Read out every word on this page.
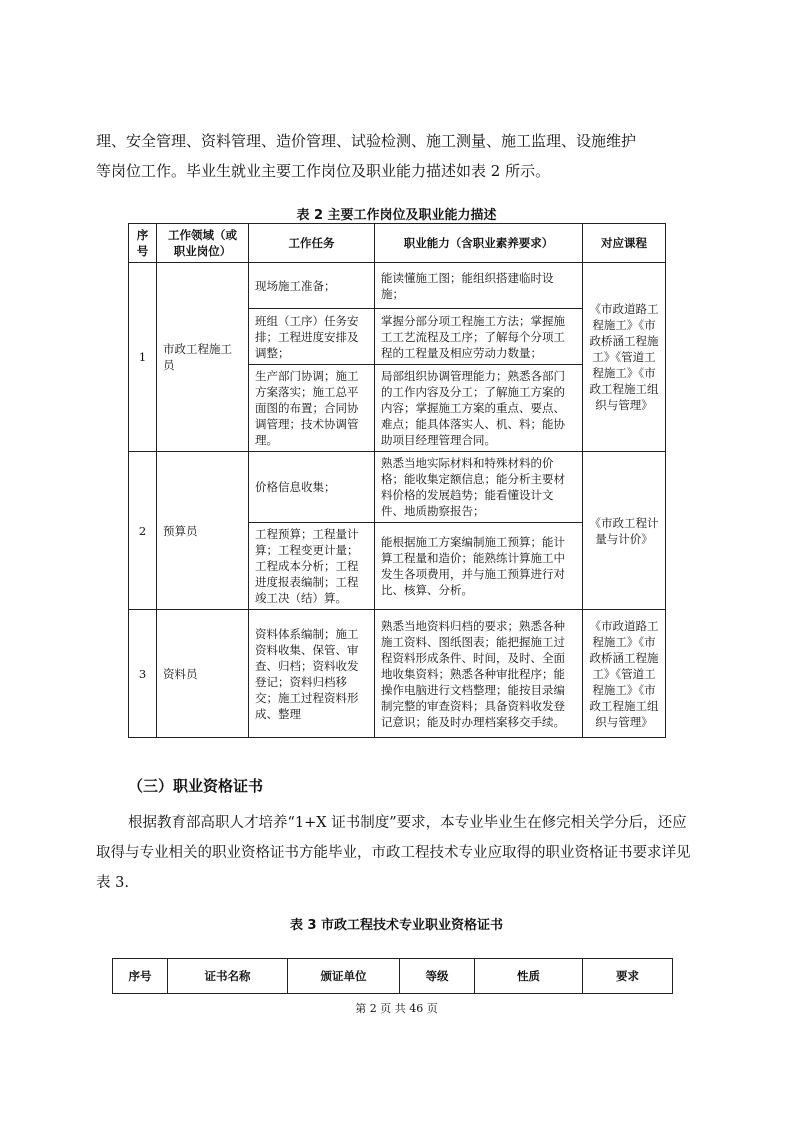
理、安全管理、资料管理、造价管理、试验检测、施工测量、施工监理、设施维护
等岗位工作。毕业生就业主要工作岗位及职业能力描述如表 2 所示。
表 2 主要工作岗位及职业能力描述
序号	工作领域（或职业岗位）	工作任务	职业能力（含职业素养要求）	对应课程
1	市政工程施工员	现场施工准备；	能读懂施工图；能组织搭建临时设施；	《市政道路工程施工》《市政桥涵工程施工》《管道工程施工》《市政工程施工组织与管理》
		班组（工序）任务安排；工程进度安排及调整；	掌握分部分项工程施工方法；掌握施工工艺流程及工序；了解每个分项工程的工程量及相应劳动力数量；	
		生产部门协调；施工方案落实；施工总平面图的布置；合同协调管理；技术协调管理。	局部组织协调管理能力；熟悉各部门的工作内容及分工；了解施工方案的内容；掌握施工方案的重点、要点、难点；能具体落实人、机、料；能协助项目经理管理合同。	
2	预算员	价格信息收集；	熟悉当地实际材料和特殊材料的价格；能收集定额信息；能分析主要材料价格的发展趋势；能看懂设计文件、地质勘察报告；	《市政工程计量与计价》
		工程预算；工程量计算；工程变更计量；工程成本分析；工程进度报表编制；工程竣工决（结）算。	能根据施工方案编制施工预算；能计算工程量和造价；能熟练计算施工中发生各项费用，并与施工预算进行对比、核算、分析。	
3	资料员	资料体系编制；施工资料收集、保管、审查、归档；资料收发登记；资料归档移交；施工过程资料形成、整理	熟悉当地资料归档的要求；熟悉各种施工资料、图纸图表；能把握施工过程资料形成条件、时间，及时、全面地收集资料；熟悉各种审批程序；能操作电脑进行文档整理；能按目录编制完整的审查资料；具备资料收发登记意识；能及时办理档案移交手续。	《市政道路工程施工》《市政桥涵工程施工》《管道工程施工》《市政工程施工组织与管理》
（三）职业资格证书
根据教育部高职人才培养“1+X 证书制度”要求，本专业毕业生在修完相关学分后，还应取得与专业相关的职业资格证书方能毕业，市政工程技术专业应取得的职业资格证书要求详见表 3.
表 3 市政工程技术专业职业资格证书
序号	证书名称	颁证单位	等级	性质	要求
第 2 页 共 46 页
